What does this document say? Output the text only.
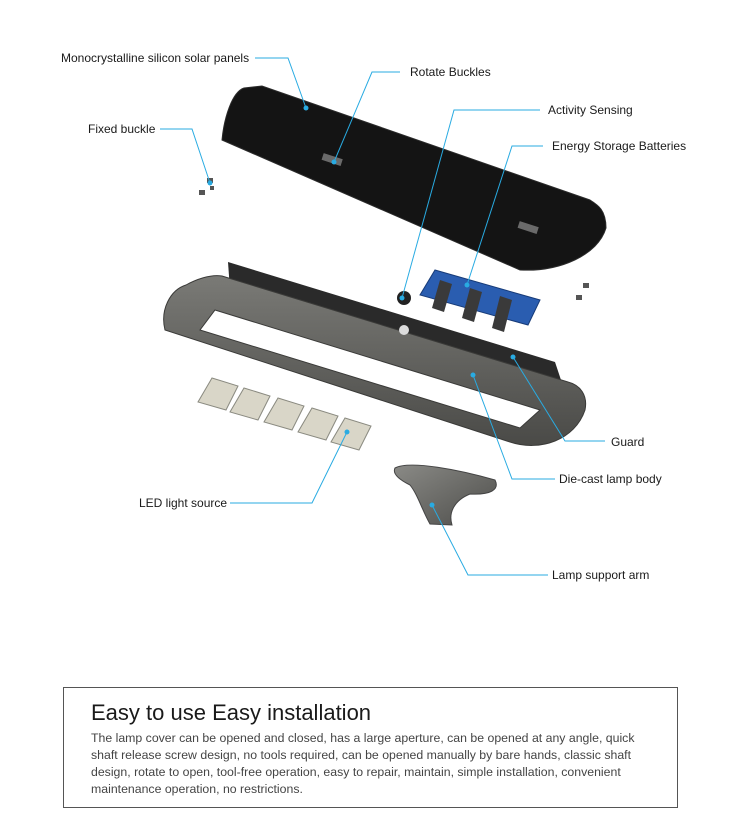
Monocrystalline silicon solar panels
Rotate Buckles
Activity Sensing
Fixed buckle
Energy Storage Batteries
Guard
Die-cast lamp body
LED light source
Lamp support arm
Easy to use Easy installation

The lamp cover can be opened and closed, has a large aperture, can be opened at any angle, quick shaft release screw design, no tools required, can be opened manually by bare hands, classic shaft design, rotate to open, tool-free operation, easy to repair, maintain, simple installation, convenient maintenance operation, no restrictions.
